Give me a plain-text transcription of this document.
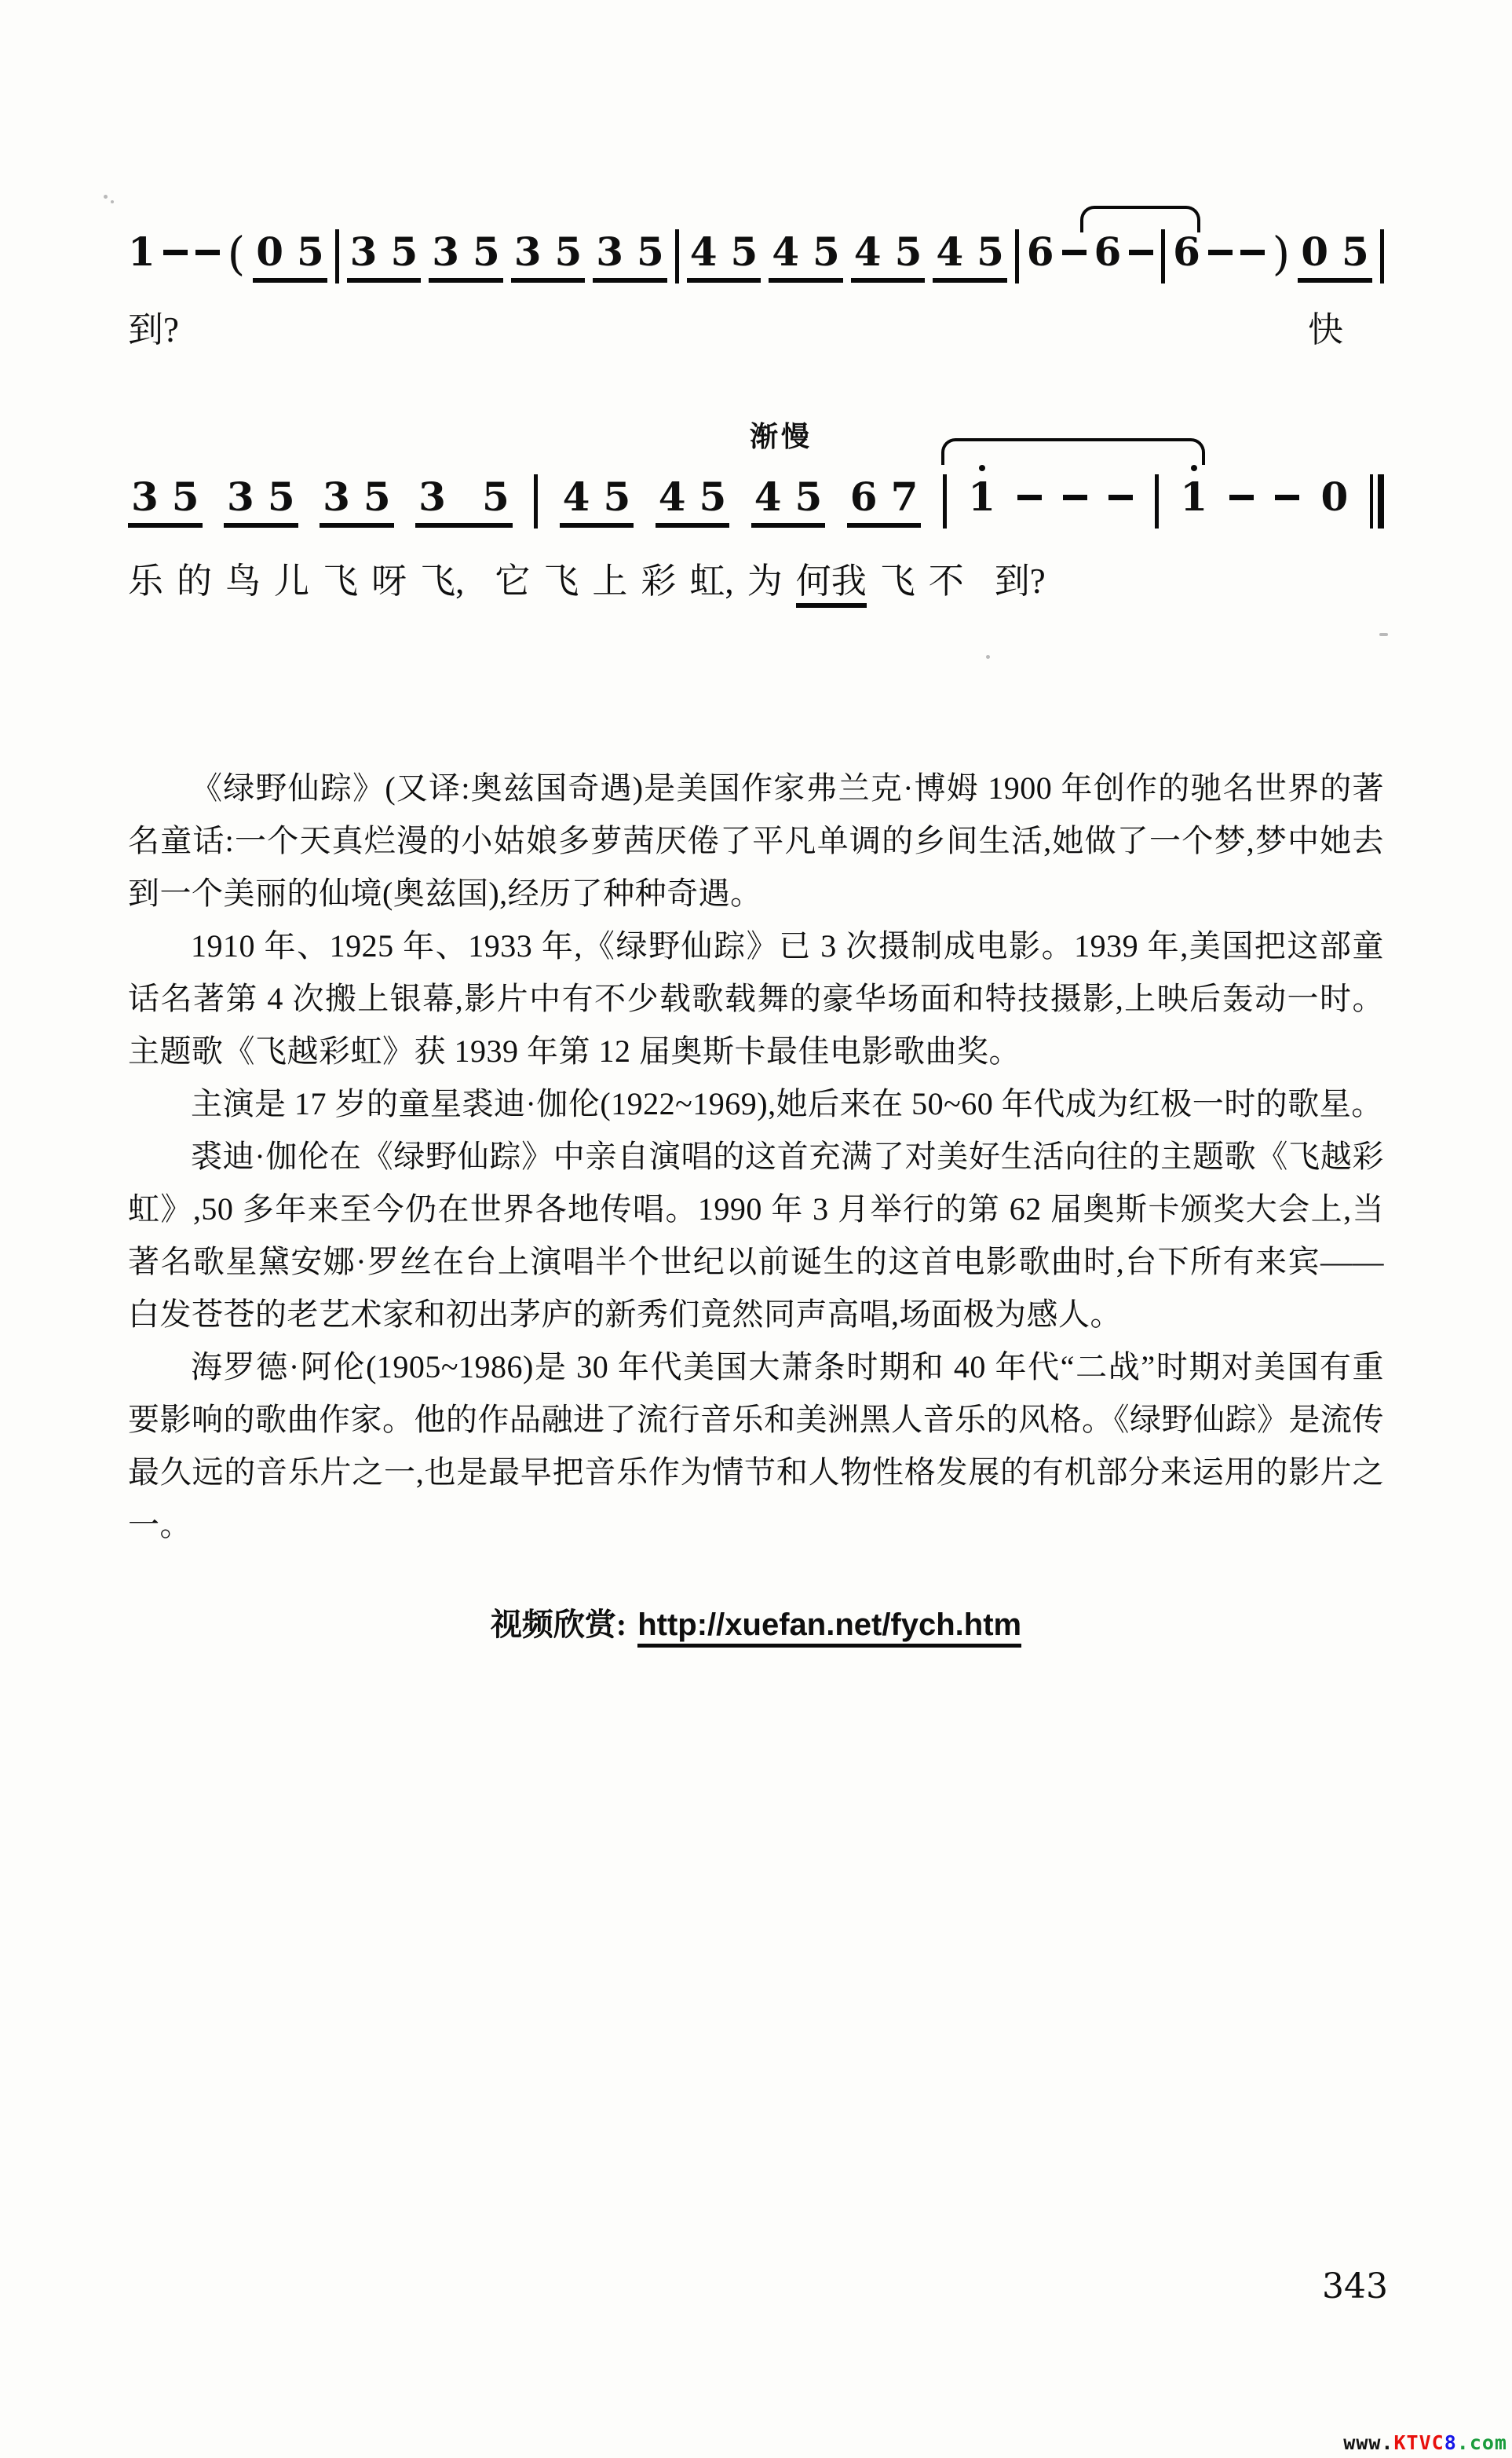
1 ( 0 5 3 5 3 5 3 5 3 5 4 5 4 5 4 5 4 5 6 6 6 ) 0 5
到?	快
渐慢
3 5 3 5 3 5 3 5 4 5 4 5 4 5 6 7 1	1	0
乐 的 鸟 儿 飞 呀 飞, 它 飞 上 彩 虹, 为 何我 飞 不 到?

《绿野仙踪》(又译:奥兹国奇遇)是美国作家弗兰克·博姆 1900 年创作的驰名世界的著名童话:一个天真烂漫的小姑娘多萝茜厌倦了平凡单调的乡间生活,她做了一个梦,梦中她去到一个美丽的仙境(奥兹国),经历了种种奇遇。

1910 年、1925 年、1933 年,《绿野仙踪》已 3 次摄制成电影。1939 年,美国把这部童话名著第 4 次搬上银幕,影片中有不少载歌载舞的豪华场面和特技摄影,上映后轰动一时。主题歌《飞越彩虹》获 1939 年第 12 届奥斯卡最佳电影歌曲奖。

主演是 17 岁的童星裘迪·伽伦(1922~1969),她后来在 50~60 年代成为红极一时的歌星。

裘迪·伽伦在《绿野仙踪》中亲自演唱的这首充满了对美好生活向往的主题歌《飞越彩虹》,50 多年来至今仍在世界各地传唱。1990 年 3 月举行的第 62 届奥斯卡颁奖大会上,当著名歌星黛安娜·罗丝在台上演唱半个世纪以前诞生的这首电影歌曲时,台下所有来宾——白发苍苍的老艺术家和初出茅庐的新秀们竟然同声高唱,场面极为感人。

海罗德·阿伦(1905~1986)是 30 年代美国大萧条时期和 40 年代“二战”时期对美国有重要影响的歌曲作家。他的作品融进了流行音乐和美洲黑人音乐的风格。《绿野仙踪》是流传最久远的音乐片之一,也是最早把音乐作为情节和人物性格发展的有机部分来运用的影片之一。

视频欣赏: http://xuefan.net/fych.htm
343
www.KTVC8.com
